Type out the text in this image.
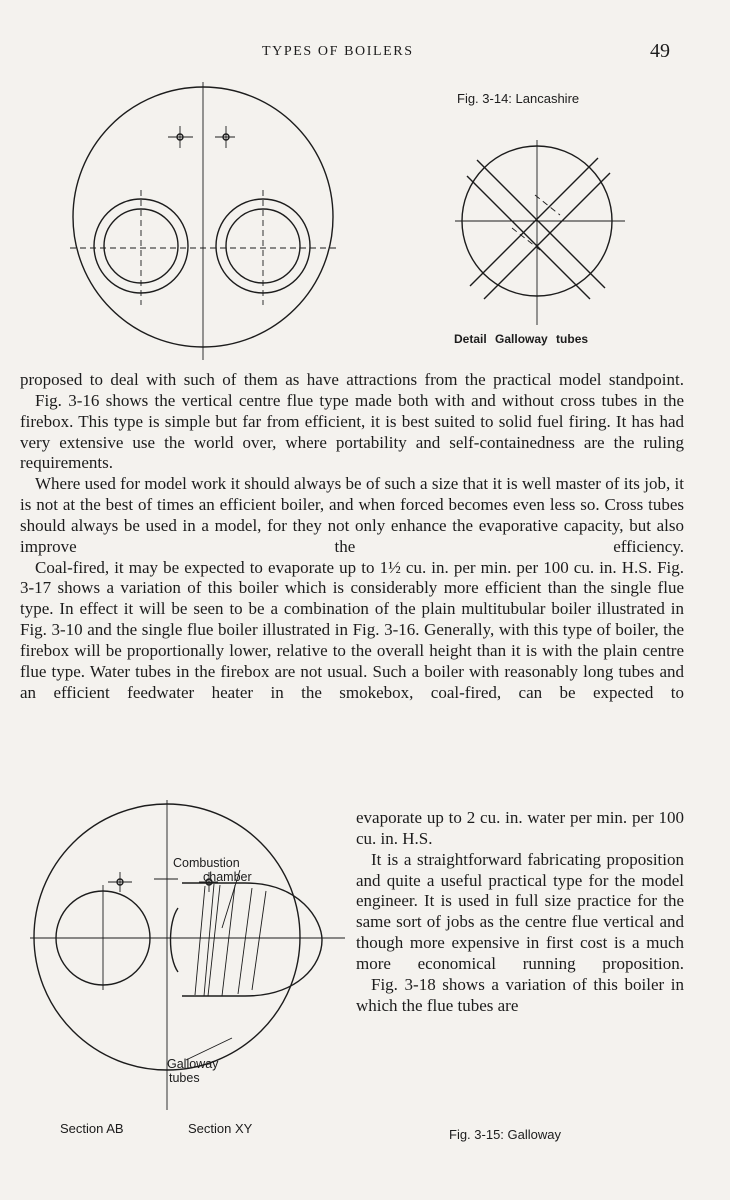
TYPES OF BOILERS	49
Fig. 3-14: Lancashire
Detail Galloway tubes

proposed to deal with such of them as have attractions from the practical model standpoint.

Fig. 3-16 shows the vertical centre flue type made both with and without cross tubes in the firebox. This type is simple but far from efficient, it is best suited to solid fuel firing. It has had very extensive use the world over, where portability and self-containedness are the ruling requirements.

Where used for model work it should always be of such a size that it is well master of its job, it is not at the best of times an efficient boiler, and when forced becomes even less so. Cross tubes should always be used in a model, for they not only enhance the evaporative capacity, but also improve the efficiency.

Coal-fired, it may be expected to evaporate up to 1½ cu. in. per min. per 100 cu. in. H.S. Fig. 3-17 shows a variation of this boiler which is considerably more efficient than the single flue type. In effect it will be seen to be a combination of the plain multitubular boiler illustrated in Fig. 3-10 and the single flue boiler illustrated in Fig. 3-16. Generally, with this type of boiler, the firebox will be proportionally lower, relative to the overall height than it is with the plain centre flue type. Water tubes in the firebox are not usual. Such a boiler with reasonably long tubes and an efficient feedwater heater in the smokebox, coal-fired, can be expected to

evaporate up to 2 cu. in. water per min. per 100 cu. in. H.S.

It is a straightforward fabricating proposition and quite a useful practical type for the model engineer. It is used in full size practice for the same sort of jobs as the centre flue vertical and though more expensive in first cost is a much more economical running proposition.

Fig. 3-18 shows a variation of this boiler in which the flue tubes are

Combustion
chamber
Galloway
tubes
Section AB	Section XY	Fig. 3-15: Galloway
